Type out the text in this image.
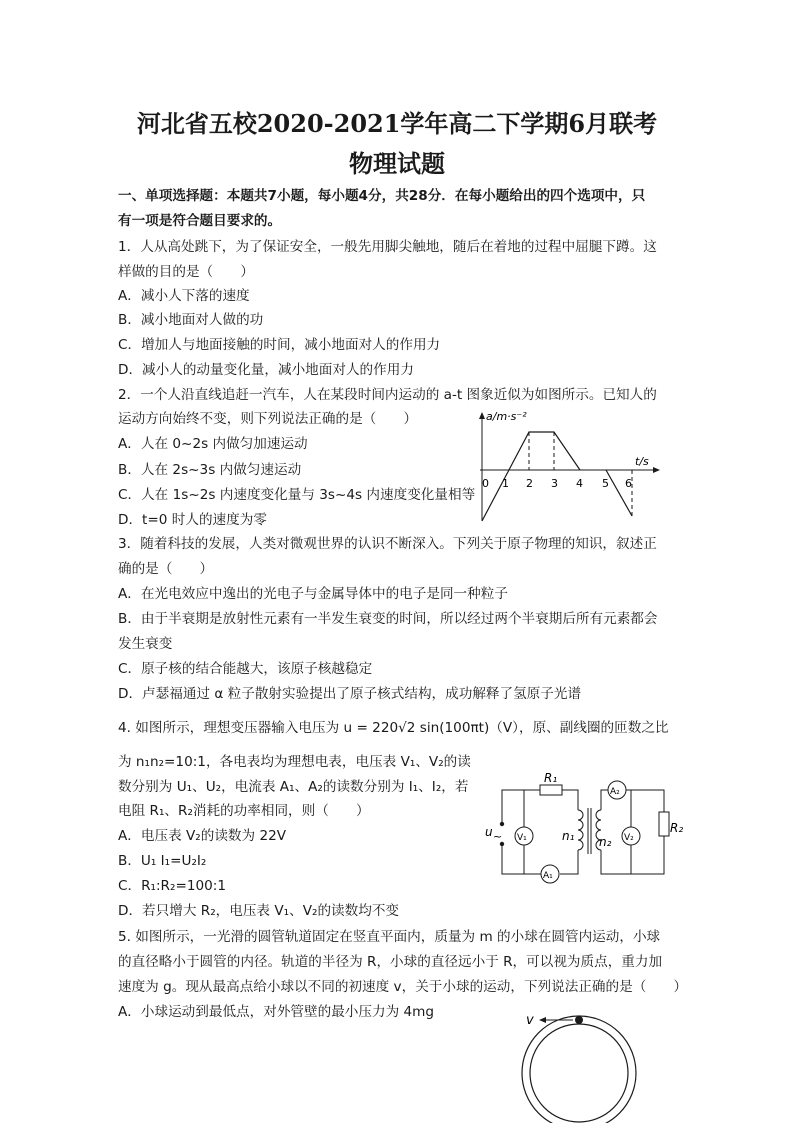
河北省五校2020-2021学年高二下学期6月联考
物理试题
一、单项选择题：本题共7小题，每小题4分，共28分．在每小题给出的四个选项中，只
有一项是符合题目要求的。
1．人从高处跳下，为了保证安全，一般先用脚尖触地，随后在着地的过程中屈腿下蹲。这
样做的目的是（　　）
A．减小人下落的速度
B．减小地面对人做的功
C．增加人与地面接触的时间，减小地面对人的作用力
D．减小人的动量变化量，减小地面对人的作用力
2．一个人沿直线追赶一汽车，人在某段时间内运动的 a-t 图象近似为如图所示。已知人的
运动方向始终不变，则下列说法正确的是（　　）
A．人在 0~2s 内做匀加速运动
B．人在 2s~3s 内做匀速运动
C．人在 1s~2s 内速度变化量与 3s~4s 内速度变化量相等
D．t=0 时人的速度为零
a/m·s⁻²
t/s
0 1 2 3 4 5 6
3．随着科技的发展，人类对微观世界的认识不断深入。下列关于原子物理的知识，叙述正
确的是（　　）
A．在光电效应中逸出的光电子与金属导体中的电子是同一种粒子
B．由于半衰期是放射性元素有一半发生衰变的时间，所以经过两个半衰期后所有元素都会
发生衰变
C．原子核的结合能越大，该原子核越稳定
D．卢瑟福通过 α 粒子散射实验提出了原子核式结构，成功解释了氢原子光谱
4. 如图所示，理想变压器输入电压为 u = 220√2 sin(100πt)（V），原、副线圈的匝数之比
为 n₁n₂=10:1，各电表均为理想电表，电压表 V₁、V₂的读
数分别为 U₁、U₂，电流表 A₁、A₂的读数分别为 I₁、I₂，若
电阻 R₁、R₂消耗的功率相同，则（　　）
A．电压表 V₂的读数为 22V
B．U₁ I₁=U₂I₂
C．R₁:R₂=100:1
D．若只增大 R₂，电压表 V₁、V₂的读数均不变
R₁
A₁
u ~ V₁	n₁ n₂
A₂
R₂
V₂
5. 如图所示，一光滑的圆管轨道固定在竖直平面内，质量为 m 的小球在圆管内运动，小球
的直径略小于圆管的内径。轨道的半径为 R，小球的直径远小于 R，可以视为质点，重力加
速度为 g。现从最高点给小球以不同的初速度 v，关于小球的运动，下列说法正确的是（　　）
A．小球运动到最低点，对外管壁的最小压力为 4mg
v
